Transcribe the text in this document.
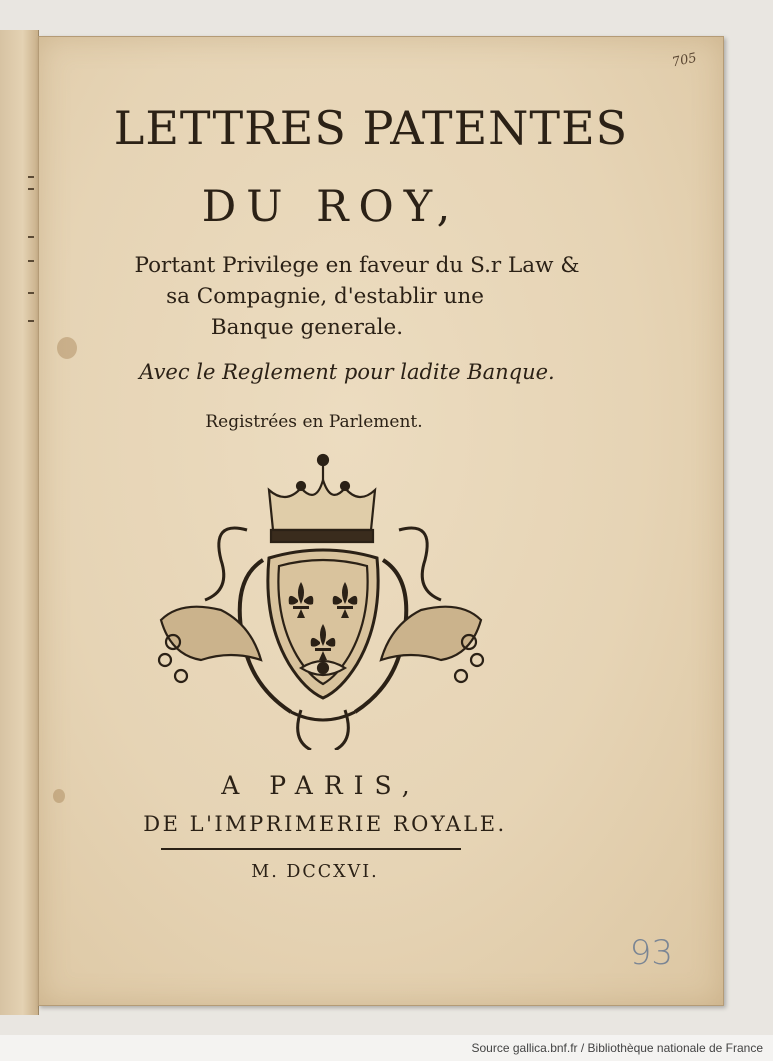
705
LETTRES PATENTES
DU ROY,
Portant Privilege en faveur du S.r Law &
sa Compagnie, d'establir une
Banque generale.
Avec le Reglement pour ladite Banque.
Registrées en Parlement.
A PARIS,
DE L'IMPRIMERIE ROYALE.
M. DCCXVI.
93
Source gallica.bnf.fr / Bibliothèque nationale de France
